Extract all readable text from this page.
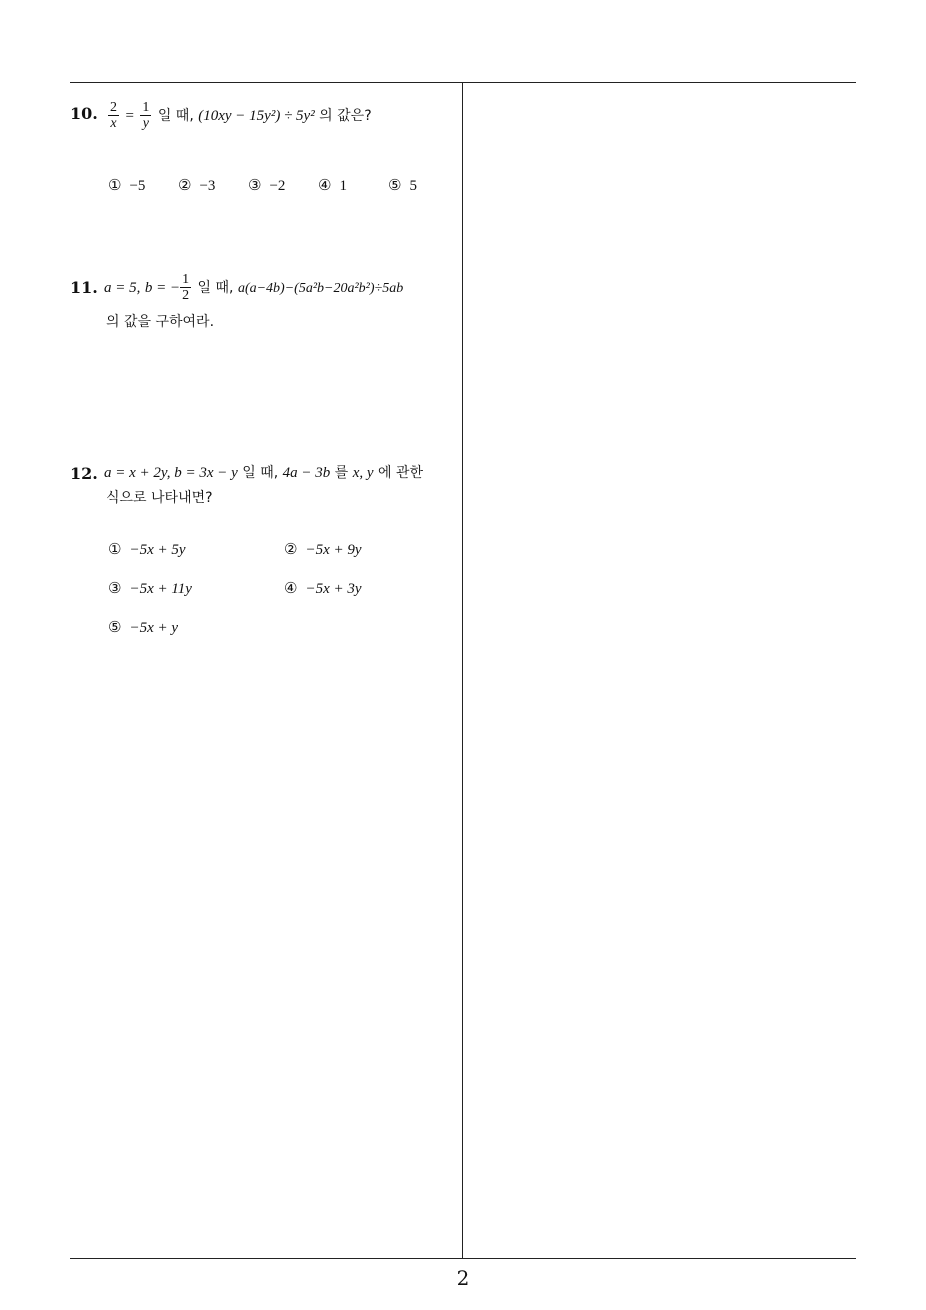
10. $\frac{2}{x} = \frac{1}{y}$ 일 때, (10xy − 15y²) ÷ 5y² 의 값은?
① −5 ② −3 ③ −2 ④ 1	⑤ 5
11. a = 5, b = − $\frac{1}{2}$ 일 때, a(a−4b)−(5a²b−20a²b²)÷5ab
의 값을 구하여라.
12. a = x + 2y, b = 3x − y 일 때, 4a − 3b 를 x, y 에 관한
식으로 나타내면?
① −5x + 5y	② −5x + 9y
③ −5x + 11y	④ −5x + 3y
⑤ −5x + y
2
